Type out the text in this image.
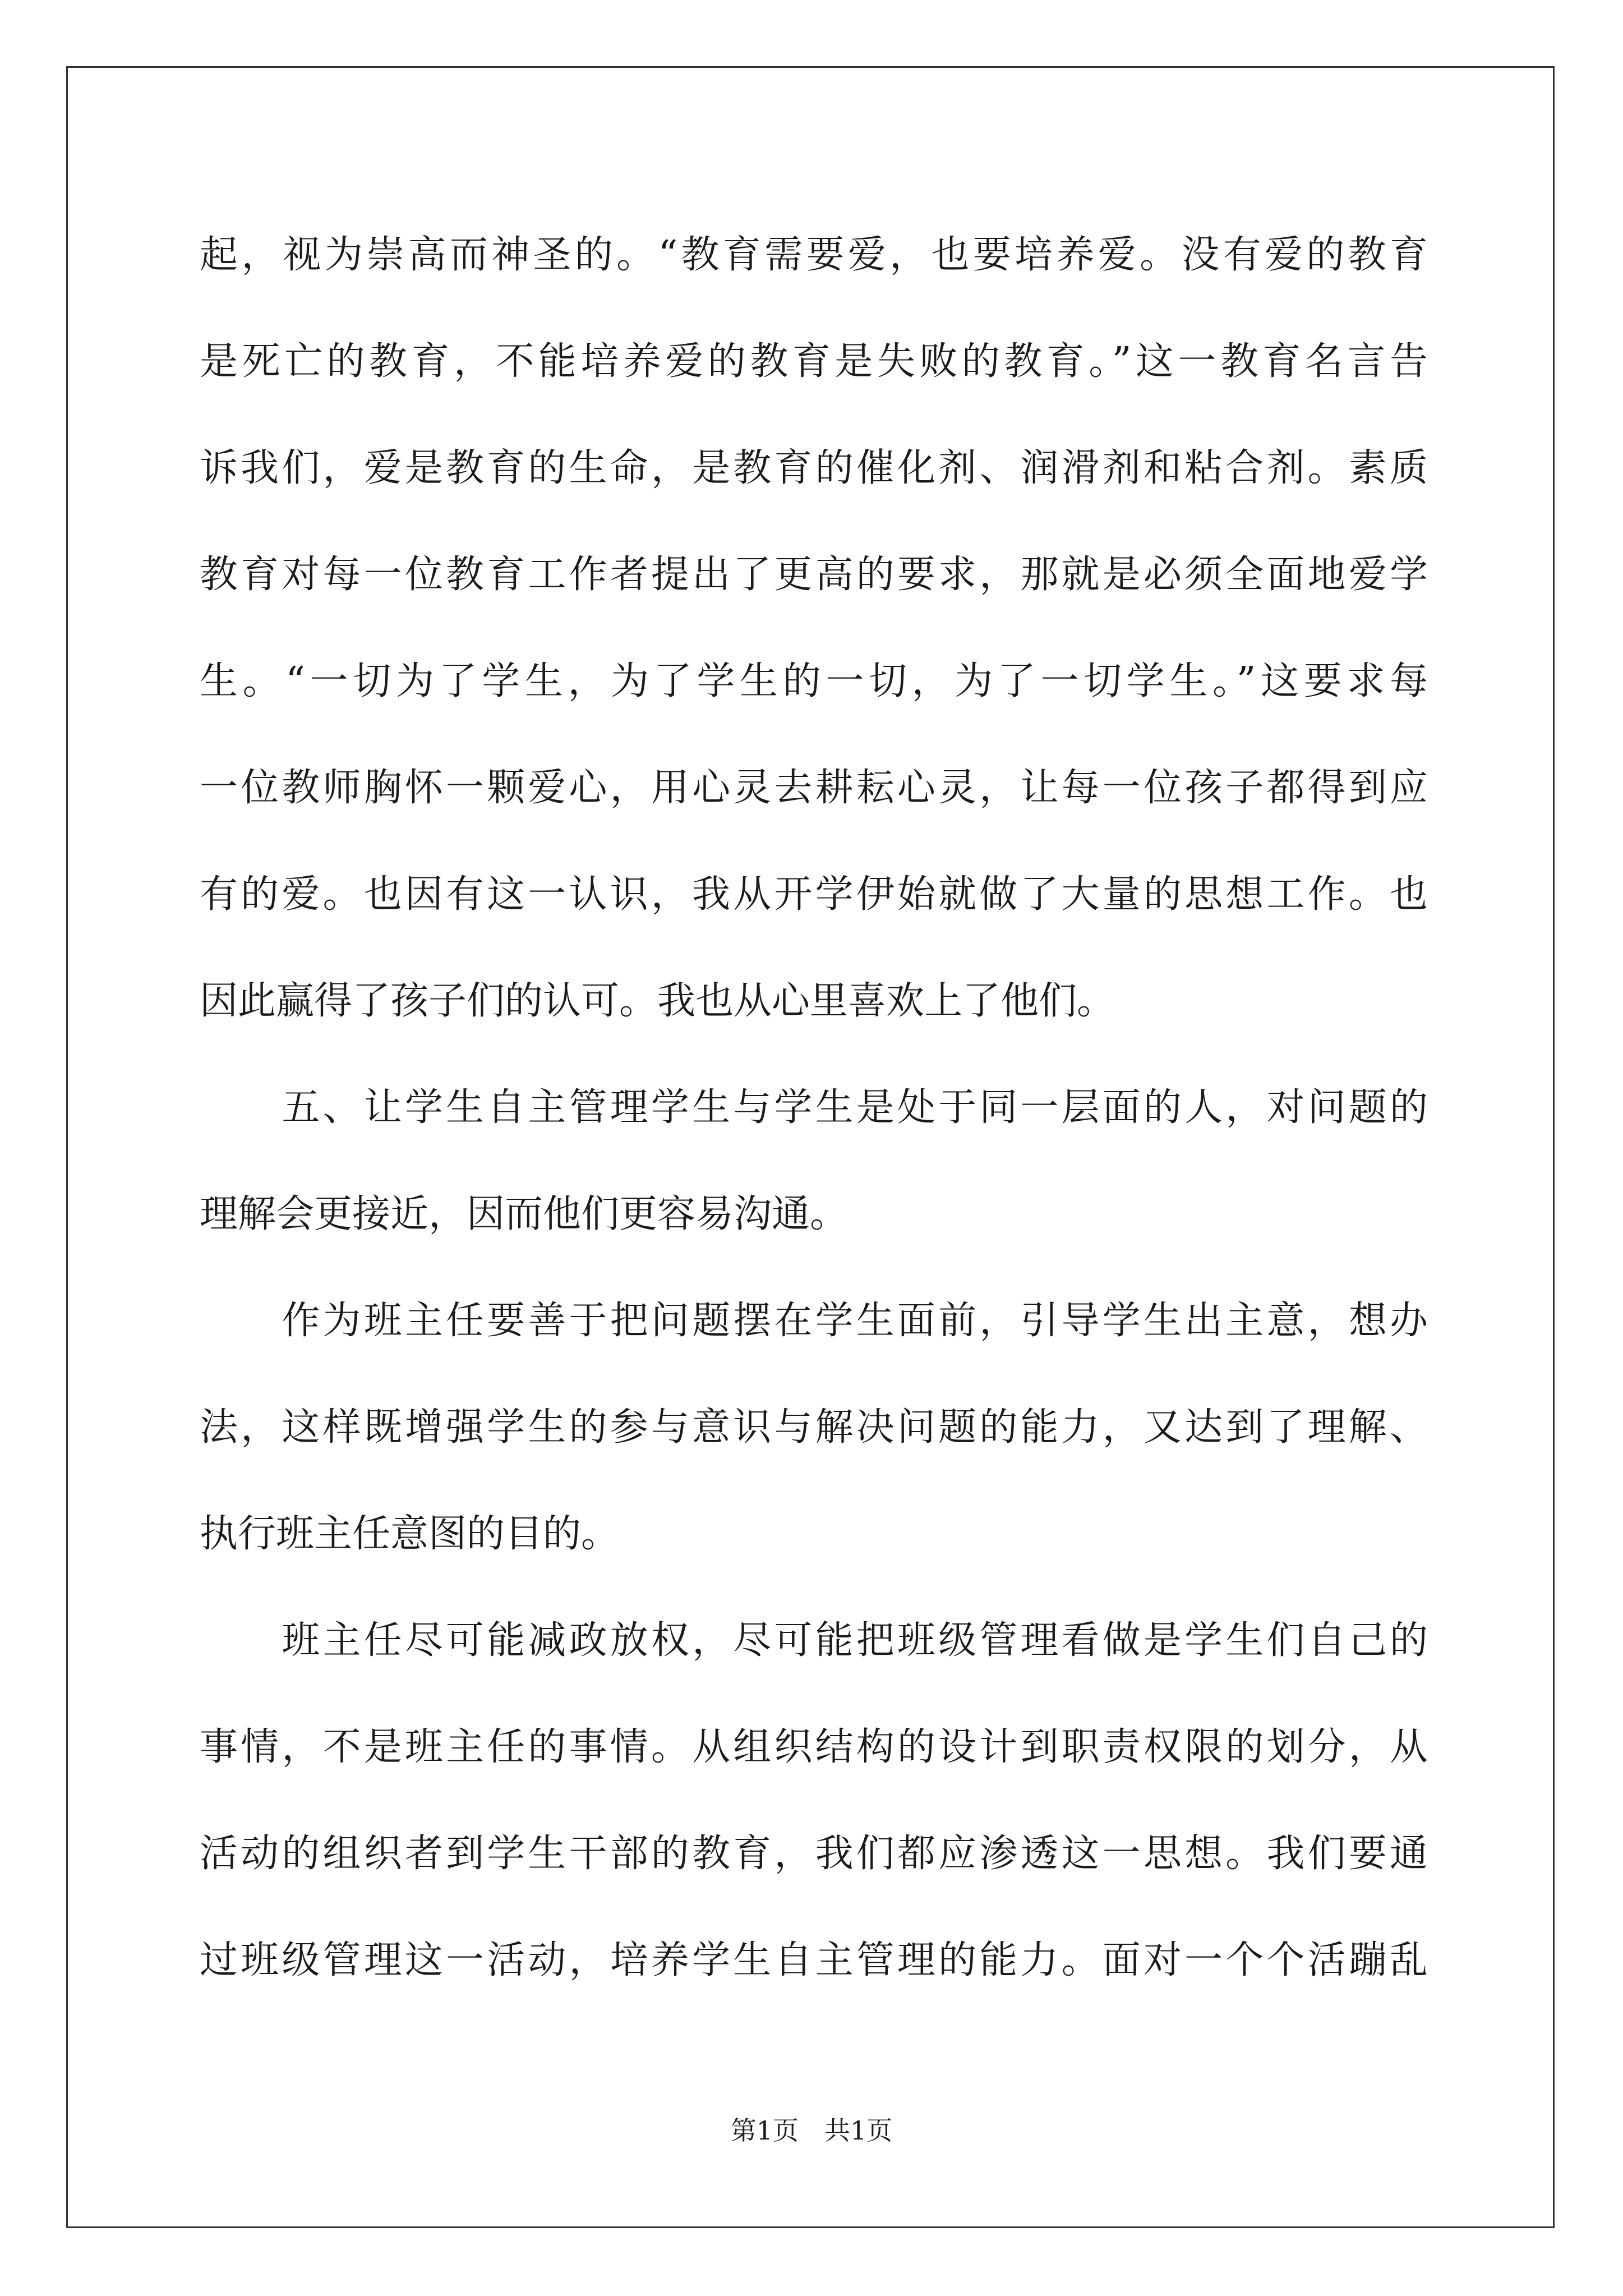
起，视为崇高而神圣的。“教育需要爱，也要培养爱。没有爱的教育
是死亡的教育，不能培养爱的教育是失败的教育。”这一教育名言告
诉我们，爱是教育的生命，是教育的催化剂、润滑剂和粘合剂。素质
教育对每一位教育工作者提出了更高的要求，那就是必须全面地爱学
生。“一切为了学生，为了学生的一切，为了一切学生。”这要求每
一位教师胸怀一颗爱心，用心灵去耕耘心灵，让每一位孩子都得到应
有的爱。也因有这一认识，我从开学伊始就做了大量的思想工作。也
因此赢得了孩子们的认可。我也从心里喜欢上了他们。
　　五、让学生自主管理学生与学生是处于同一层面的人，对问题的
理解会更接近，因而他们更容易沟通。
　　作为班主任要善于把问题摆在学生面前，引导学生出主意，想办
法，这样既增强学生的参与意识与解决问题的能力，又达到了理解、
执行班主任意图的目的。
　　班主任尽可能减政放权，尽可能把班级管理看做是学生们自己的
事情，不是班主任的事情。从组织结构的设计到职责权限的划分，从
活动的组织者到学生干部的教育，我们都应渗透这一思想。我们要通
过班级管理这一活动，培养学生自主管理的能力。面对一个个活蹦乱
第1页 共1页
